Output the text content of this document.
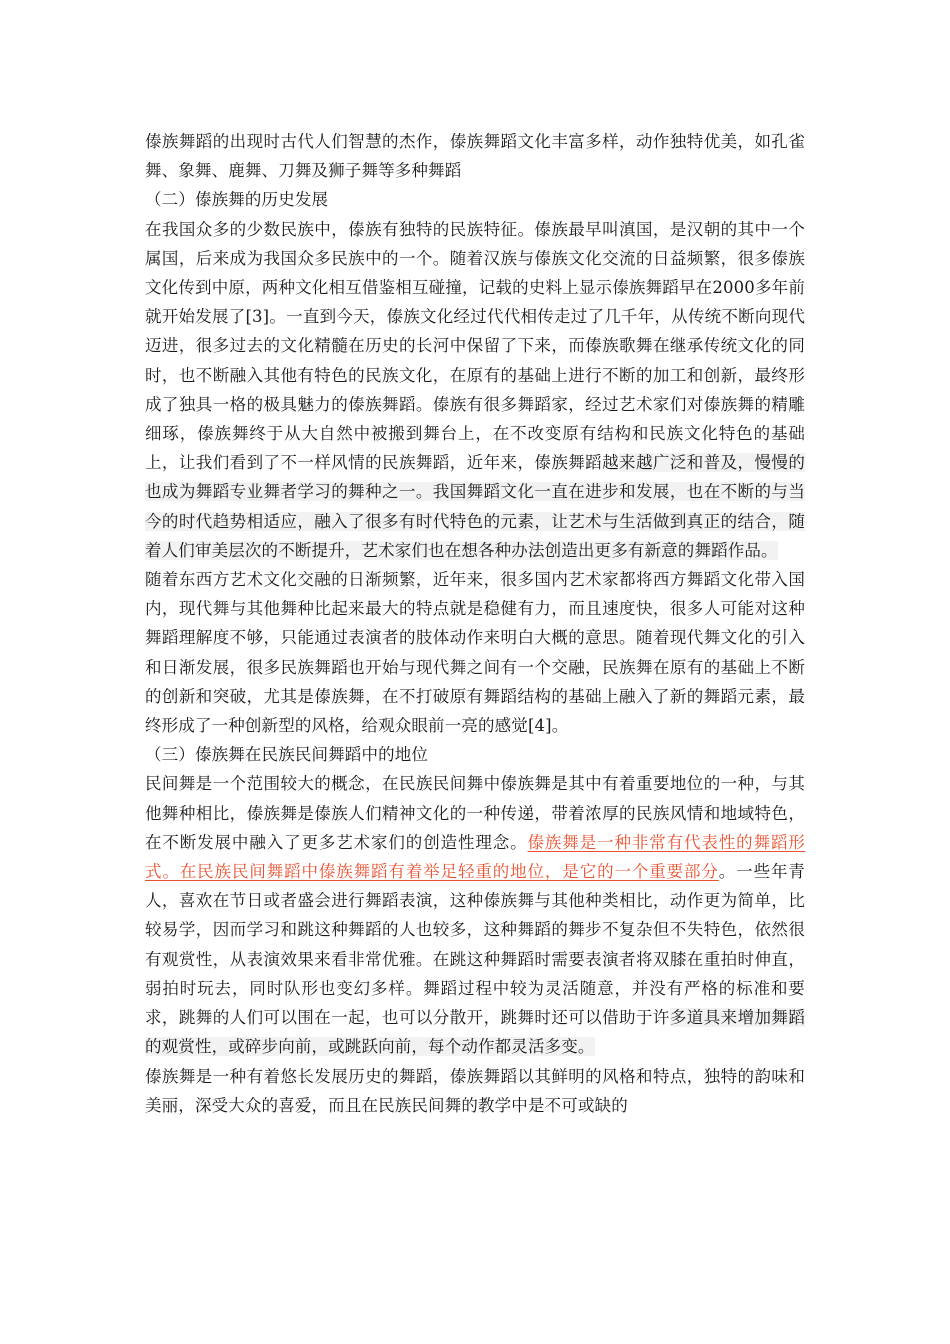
傣族舞蹈的出现时古代人们智慧的杰作，傣族舞蹈文化丰富多样，动作独特优美，如孔雀舞、象舞、鹿舞、刀舞及狮子舞等多种舞蹈

（二）傣族舞的历史发展

在我国众多的少数民族中，傣族有独特的民族特征。傣族最早叫滇国，是汉朝的其中一个属国，后来成为我国众多民族中的一个。随着汉族与傣族文化交流的日益频繁，很多傣族文化传到中原，两种文化相互借鉴相互碰撞，记载的史料上显示傣族舞蹈早在2000多年前就开始发展了[3]。一直到今天，傣族文化经过代代相传走过了几千年，从传统不断向现代迈进，很多过去的文化精髓在历史的长河中保留了下来，而傣族歌舞在继承传统文化的同时，也不断融入其他有特色的民族文化，在原有的基础上进行不断的加工和创新，最终形成了独具一格的极具魅力的傣族舞蹈。傣族有很多舞蹈家，经过艺术家们对傣族舞的精雕细琢，傣族舞终于从大自然中被搬到舞台上，在不改变原有结构和民族文化特色的基础上，让我们看到了不一样风情的民族舞蹈，近年来，傣族舞蹈越来越广泛和普及，慢慢的也成为舞蹈专业舞者学习的舞种之一。我国舞蹈文化一直在进步和发展，也在不断的与当今的时代趋势相适应，融入了很多有时代特色的元素，让艺术与生活做到真正的结合，随着人们审美层次的不断提升，艺术家们也在想各种办法创造出更多有新意的舞蹈作品。

随着东西方艺术文化交融的日渐频繁，近年来，很多国内艺术家都将西方舞蹈文化带入国内，现代舞与其他舞种比起来最大的特点就是稳健有力，而且速度快，很多人可能对这种舞蹈理解度不够，只能通过表演者的肢体动作来明白大概的意思。随着现代舞文化的引入和日渐发展，很多民族舞蹈也开始与现代舞之间有一个交融，民族舞在原有的基础上不断的创新和突破，尤其是傣族舞，在不打破原有舞蹈结构的基础上融入了新的舞蹈元素，最终形成了一种创新型的风格，给观众眼前一亮的感觉[4]。

（三）傣族舞在民族民间舞蹈中的地位

民间舞是一个范围较大的概念，在民族民间舞中傣族舞是其中有着重要地位的一种，与其他舞种相比，傣族舞是傣族人们精神文化的一种传递，带着浓厚的民族风情和地域特色，在不断发展中融入了更多艺术家们的创造性理念。傣族舞是一种非常有代表性的舞蹈形式。在民族民间舞蹈中傣族舞蹈有着举足轻重的地位，是它的一个重要部分。一些年青人，喜欢在节日或者盛会进行舞蹈表演，这种傣族舞与其他种类相比，动作更为简单，比较易学，因而学习和跳这种舞蹈的人也较多，这种舞蹈的舞步不复杂但不失特色，依然很有观赏性，从表演效果来看非常优雅。在跳这种舞蹈时需要表演者将双膝在重拍时伸直，弱拍时玩去，同时队形也变幻多样。舞蹈过程中较为灵活随意，并没有严格的标准和要求，跳舞的人们可以围在一起，也可以分散开，跳舞时还可以借助于许多道具来增加舞蹈的观赏性，或碎步向前，或跳跃向前，每个动作都灵活多变。

傣族舞是一种有着悠长发展历史的舞蹈，傣族舞蹈以其鲜明的风格和特点，独特的韵味和美丽，深受大众的喜爱，而且在民族民间舞的教学中是不可或缺的
